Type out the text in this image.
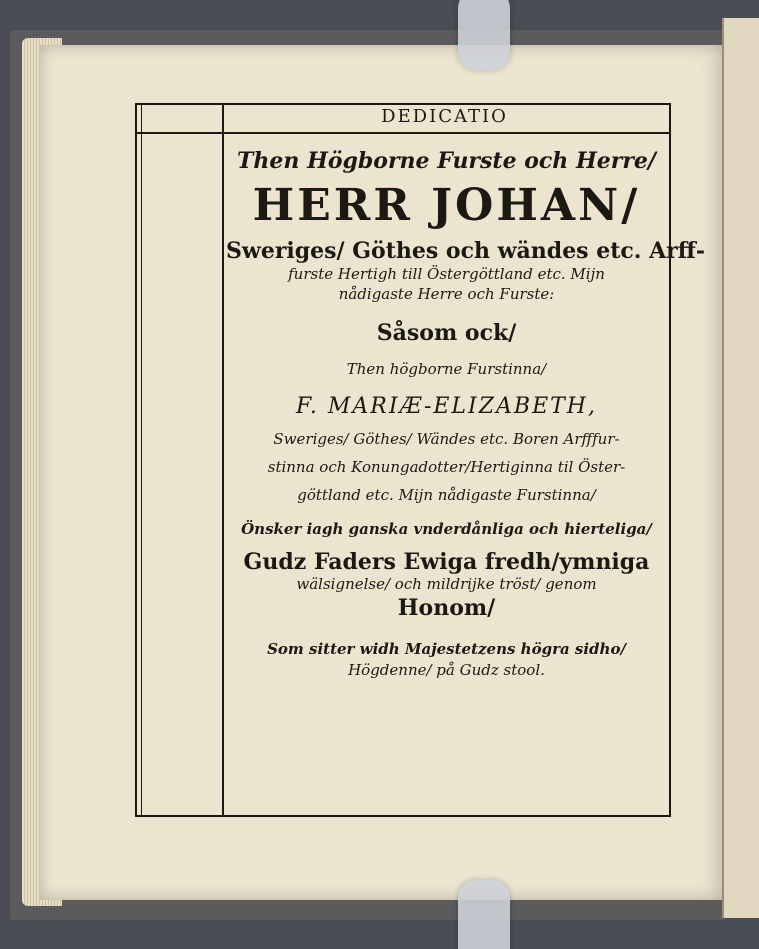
DEDICATIO
Then Högborne Furste och Herre/
HERR JOHAN/
Sweriges/ Göthes och wändes etc. Arff-
furste Hertigh till Östergöttland etc. Mijn
nådigaste Herre och Furste:
Såsom ock/
Then högborne Furstinna/
F. MARIÆ-ELIZABETH,
Sweriges/ Göthes/ Wändes etc. Boren Arfffur-
stinna och Konungadotter/Hertiginna til Öster-
göttland etc. Mijn nådigaste Furstinna/
Önsker iagh ganska vnderdånliga och hierteliga/
Gudz Faders Ewiga fredh/ymniga
wälsignelse/ och mildrijke tröst/ genom
Honom/
Som sitter widh Majestetzens högra sidho/
Högdenne/ på Gudz stool.
